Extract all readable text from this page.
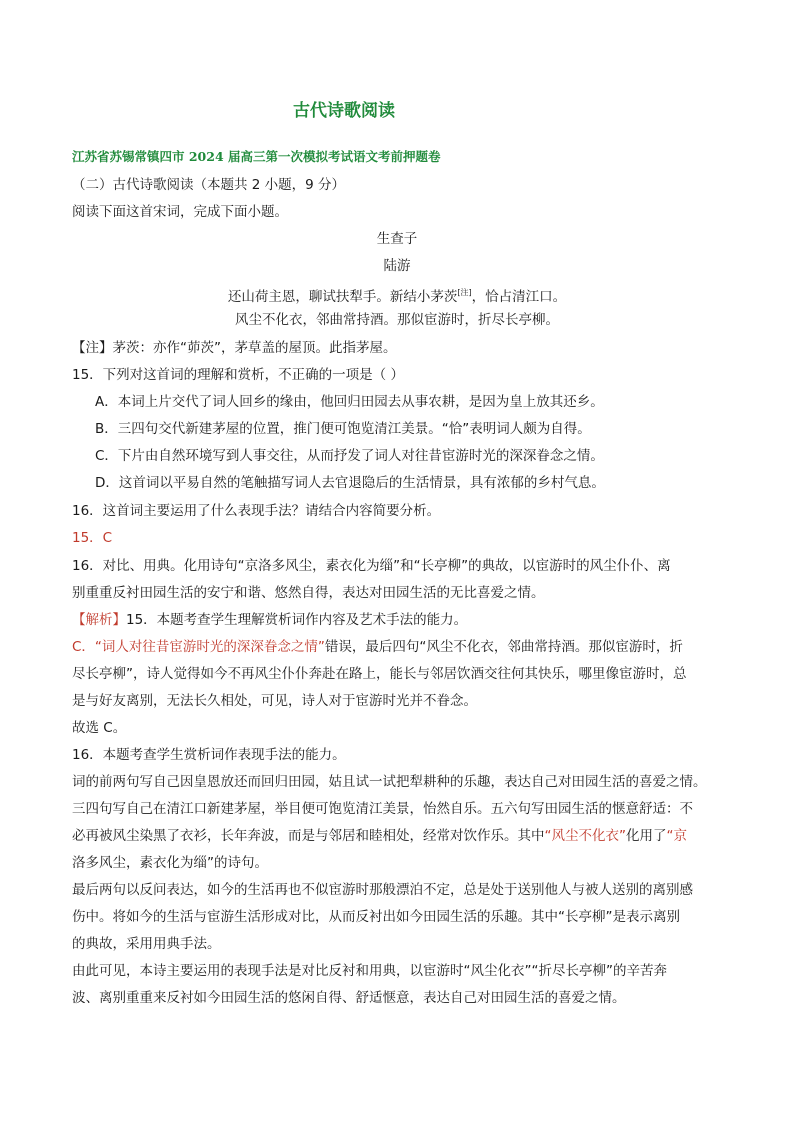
古代诗歌阅读
江苏省苏锡常镇四市 2024 届高三第一次模拟考试语文考前押题卷
（二）古代诗歌阅读（本题共 2 小题，9 分）
阅读下面这首宋词，完成下面小题。
生查子
陆游
还山荷主恩，聊试扶犁手。新结小茅茨[注]，恰占清江口。
风尘不化衣，邻曲常持酒。那似宦游时，折尽长亭柳。
【注】茅茨：亦作“茆茨”，茅草盖的屋顶。此指茅屋。
15．下列对这首词的理解和赏析，不正确的一项是（ ）
A．本词上片交代了词人回乡的缘由，他回归田园去从事农耕，是因为皇上放其还乡。
B．三四句交代新建茅屋的位置，推门便可饱览清江美景。“恰”表明词人颇为自得。
C．下片由自然环境写到人事交往，从而抒发了词人对往昔宦游时光的深深眷念之情。
D．这首词以平易自然的笔触描写词人去官退隐后的生活情景，具有浓郁的乡村气息。
16．这首词主要运用了什么表现手法？请结合内容简要分析。
15．C
16．对比、用典。化用诗句“京洛多风尘，素衣化为缁”和“长亭柳”的典故，以宦游时的风尘仆仆、离
别重重反衬田园生活的安宁和谐、悠然自得，表达对田园生活的无比喜爱之情。
【解析】15．本题考查学生理解赏析词作内容及艺术手法的能力。
C．“词人对往昔宦游时光的深深眷念之情”错误，最后四句“风尘不化衣，邻曲常持酒。那似宦游时，折
尽长亭柳”，诗人觉得如今不再风尘仆仆奔赴在路上，能长与邻居饮酒交往何其快乐，哪里像宦游时，总
是与好友离别，无法长久相处，可见，诗人对于宦游时光并不眷念。
故选 C。
16．本题考查学生赏析词作表现手法的能力。
词的前两句写自己因皇恩放还而回归田园，姑且试一试把犁耕种的乐趣，表达自己对田园生活的喜爱之情。
三四句写自己在清江口新建茅屋，举目便可饱览清江美景，怡然自乐。五六句写田园生活的惬意舒适：不
必再被风尘染黑了衣衫，长年奔波，而是与邻居和睦相处，经常对饮作乐。其中“风尘不化衣”化用了“京
洛多风尘，素衣化为缁”的诗句。
最后两句以反问表达，如今的生活再也不似宦游时那般漂泊不定，总是处于送别他人与被人送别的离别感
伤中。将如今的生活与宦游生活形成对比，从而反衬出如今田园生活的乐趣。其中“长亭柳”是表示离别
的典故，采用用典手法。
由此可见，本诗主要运用的表现手法是对比反衬和用典，以宦游时“风尘化衣”“折尽长亭柳”的辛苦奔
波、离别重重来反衬如今田园生活的悠闲自得、舒适惬意，表达自己对田园生活的喜爱之情。
